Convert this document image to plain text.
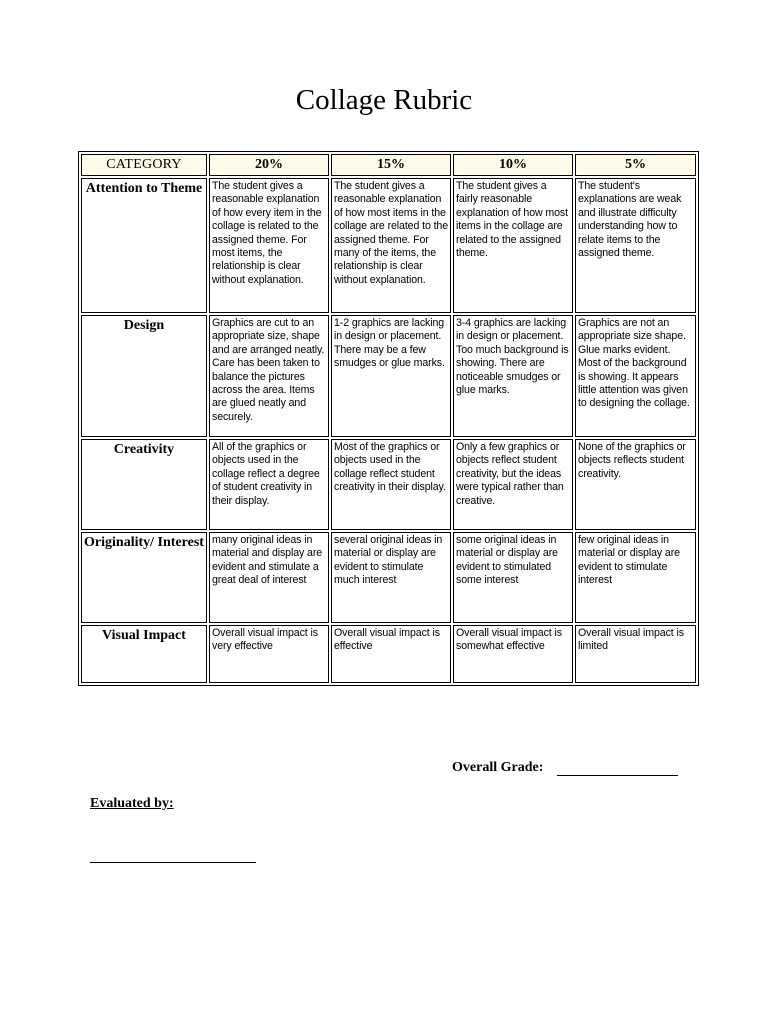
Collage Rubric
CATEGORY	20%	15%	10%	5%
Attention to Theme	The student gives a reasonable explanation of how every item in the collage is related to the assigned theme. For most items, the relationship is clear without explanation.	The student gives a reasonable explanation of how most items in the collage are related to the assigned theme. For many of the items, the relationship is clear without explanation.	The student gives a fairly reasonable explanation of how most items in the collage are related to the assigned theme.	The student's explanations are weak and illustrate difficulty understanding how to relate items to the assigned theme.
Design	Graphics are cut to an appropriate size, shape and are arranged neatly. Care has been taken to balance the pictures across the area. Items are glued neatly and securely.	1-2 graphics are lacking in design or placement. There may be a few smudges or glue marks.	3-4 graphics are lacking in design or placement. Too much background is showing. There are noticeable smudges or glue marks.	Graphics are not an appropriate size shape. Glue marks evident. Most of the background is showing. It appears little attention was given to designing the collage.
Creativity	All of the graphics or objects used in the collage reflect a degree of student creativity in their display.	Most of the graphics or objects used in the collage reflect student creativity in their display.	Only a few graphics or objects reflect student creativity, but the ideas were typical rather than creative.	None of the graphics or objects reflects student creativity.
Originality/ Interest	many original ideas in material and display are evident and stimulate a great deal of interest	several original ideas in material or display are evident to stimulate much interest	some original ideas in material or display are evident to stimulated some interest	few original ideas in material or display are evident to stimulate interest
Visual Impact	Overall visual impact is very effective	Overall visual impact is effective	Overall visual impact is somewhat effective	Overall visual impact is limited
Overall Grade:
Evaluated by:
